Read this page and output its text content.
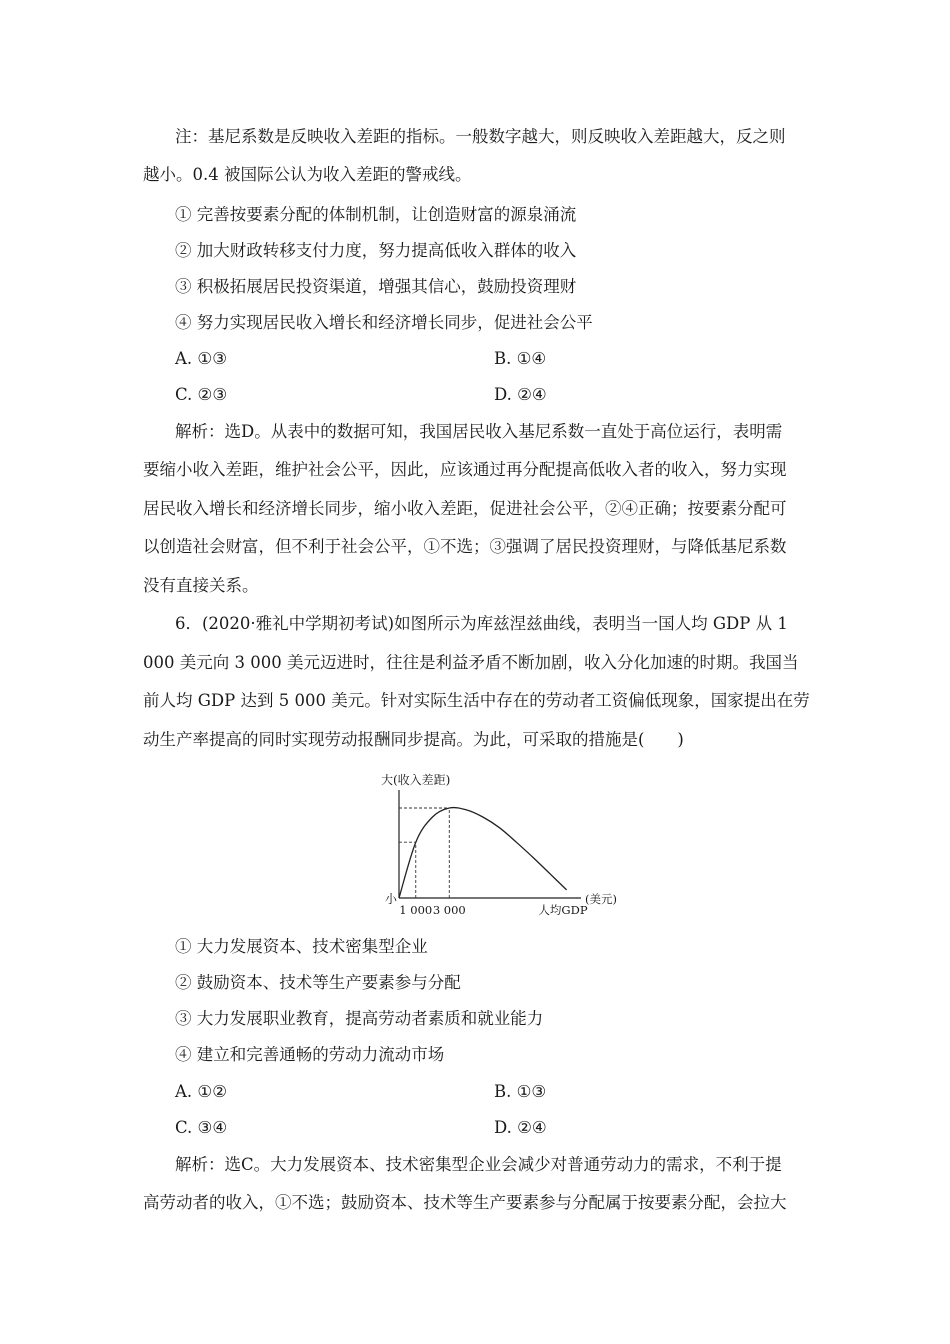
注：基尼系数是反映收入差距的指标。一般数字越大，则反映收入差距越大，反之则
越小。0.4 被国际公认为收入差距的警戒线。
① 完善按要素分配的体制机制，让创造财富的源泉涌流
② 加大财政转移支付力度，努力提高低收入群体的收入
③ 积极拓展居民投资渠道，增强其信心，鼓励投资理财
④ 努力实现居民收入增长和经济增长同步，促进社会公平
A. ①③	B. ①④
C. ②③	D. ②④
解析：选D。从表中的数据可知，我国居民收入基尼系数一直处于高位运行，表明需
要缩小收入差距，维护社会公平，因此，应该通过再分配提高低收入者的收入，努力实现
居民收入增长和经济增长同步，缩小收入差距，促进社会公平，②④正确；按要素分配可
以创造社会财富，但不利于社会公平，①不选；③强调了居民投资理财，与降低基尼系数
没有直接关系。
6．(2020·雅礼中学期初考试)如图所示为库兹涅兹曲线，表明当一国人均 GDP 从 1
000 美元向 3 000 美元迈进时，往往是利益矛盾不断加剧，收入分化加速的时期。我国当
前人均 GDP 达到 5 000 美元。针对实际生活中存在的劳动者工资偏低现象，国家提出在劳
动生产率提高的同时实现劳动报酬同步提高。为此，可采取的措施是(　　)
大(收入差距)
小
1 000 3 000	人均GDP
(美元)
① 大力发展资本、技术密集型企业
② 鼓励资本、技术等生产要素参与分配
③ 大力发展职业教育，提高劳动者素质和就业能力
④ 建立和完善通畅的劳动力流动市场
A. ①②	B. ①③
C. ③④	D. ②④
解析：选C。大力发展资本、技术密集型企业会减少对普通劳动力的需求，不利于提
高劳动者的收入，①不选；鼓励资本、技术等生产要素参与分配属于按要素分配，会拉大
